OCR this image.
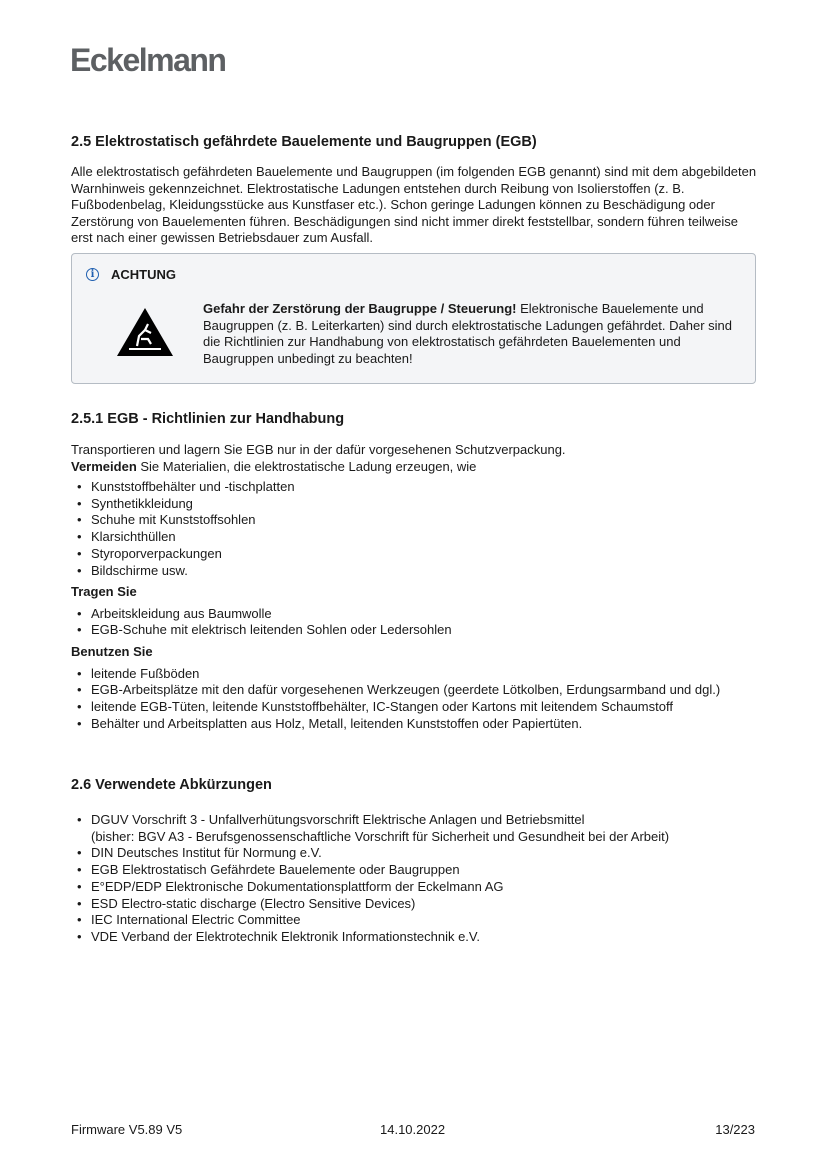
Eckelmann
2.5 Elektrostatisch gefährdete Bauelemente und Baugruppen (EGB)

Alle elektrostatisch gefährdeten Bauelemente und Baugruppen (im folgenden EGB genannt) sind mit dem abgebildeten Warnhinweis gekennzeichnet. Elektrostatische Ladungen entstehen durch Reibung von Isolierstoffen (z. B. Fußbodenbelag, Kleidungsstücke aus Kunstfaser etc.). Schon geringe Ladungen können zu Beschädigung oder Zerstörung von Bauelementen führen. Beschädigungen sind nicht immer direkt feststellbar, sondern führen teilweise erst nach einer gewissen Betriebsdauer zum Ausfall.

i	ACHTUNG
Gefahr der Zerstörung der Baugruppe / Steuerung! Elektronische Bauelemente und Baugruppen (z. B. Leiterkarten) sind durch elektrostatische Ladungen gefährdet. Daher sind die Richtlinien zur Handhabung von elektrostatisch gefährdeten Bauelementen und Baugruppen unbedingt zu beachten!
2.5.1 EGB - Richtlinien zur Handhabung

Transportieren und lagern Sie EGB nur in der dafür vorgesehenen Schutzverpackung.

Vermeiden Sie Materialien, die elektrostatische Ladung erzeugen, wie

• Kunststoffbehälter und -tischplatten
• Synthetikkleidung
• Schuhe mit Kunststoffsohlen
• Klarsichthüllen
• Styroporverpackungen
• Bildschirme usw.
Tragen Sie
• Arbeitskleidung aus Baumwolle
• EGB-Schuhe mit elektrisch leitenden Sohlen oder Ledersohlen
Benutzen Sie
• leitende Fußböden
• EGB-Arbeitsplätze mit den dafür vorgesehenen Werkzeugen (geerdete Lötkolben, Erdungsarmband und dgl.)
• leitende EGB-Tüten, leitende Kunststoffbehälter, IC-Stangen oder Kartons mit leitendem Schaumstoff
• Behälter und Arbeitsplatten aus Holz, Metall, leitenden Kunststoffen oder Papiertüten.
2.6 Verwendete Abkürzungen
• DGUV Vorschrift 3 - Unfallverhütungsvorschrift Elektrische Anlagen und Betriebsmittel
(bisher: BGV A3 - Berufsgenossenschaftliche Vorschrift für Sicherheit und Gesundheit bei der Arbeit)
• DIN Deutsches Institut für Normung e.V.
• EGB Elektrostatisch Gefährdete Bauelemente oder Baugruppen
• E°EDP/EDP Elektronische Dokumentationsplattform der Eckelmann AG
• ESD Electro-static discharge (Electro Sensitive Devices)
• IEC International Electric Committee
• VDE Verband der Elektrotechnik Elektronik Informationstechnik e.V.
Firmware V5.89 V5	14.10.2022	13/223
